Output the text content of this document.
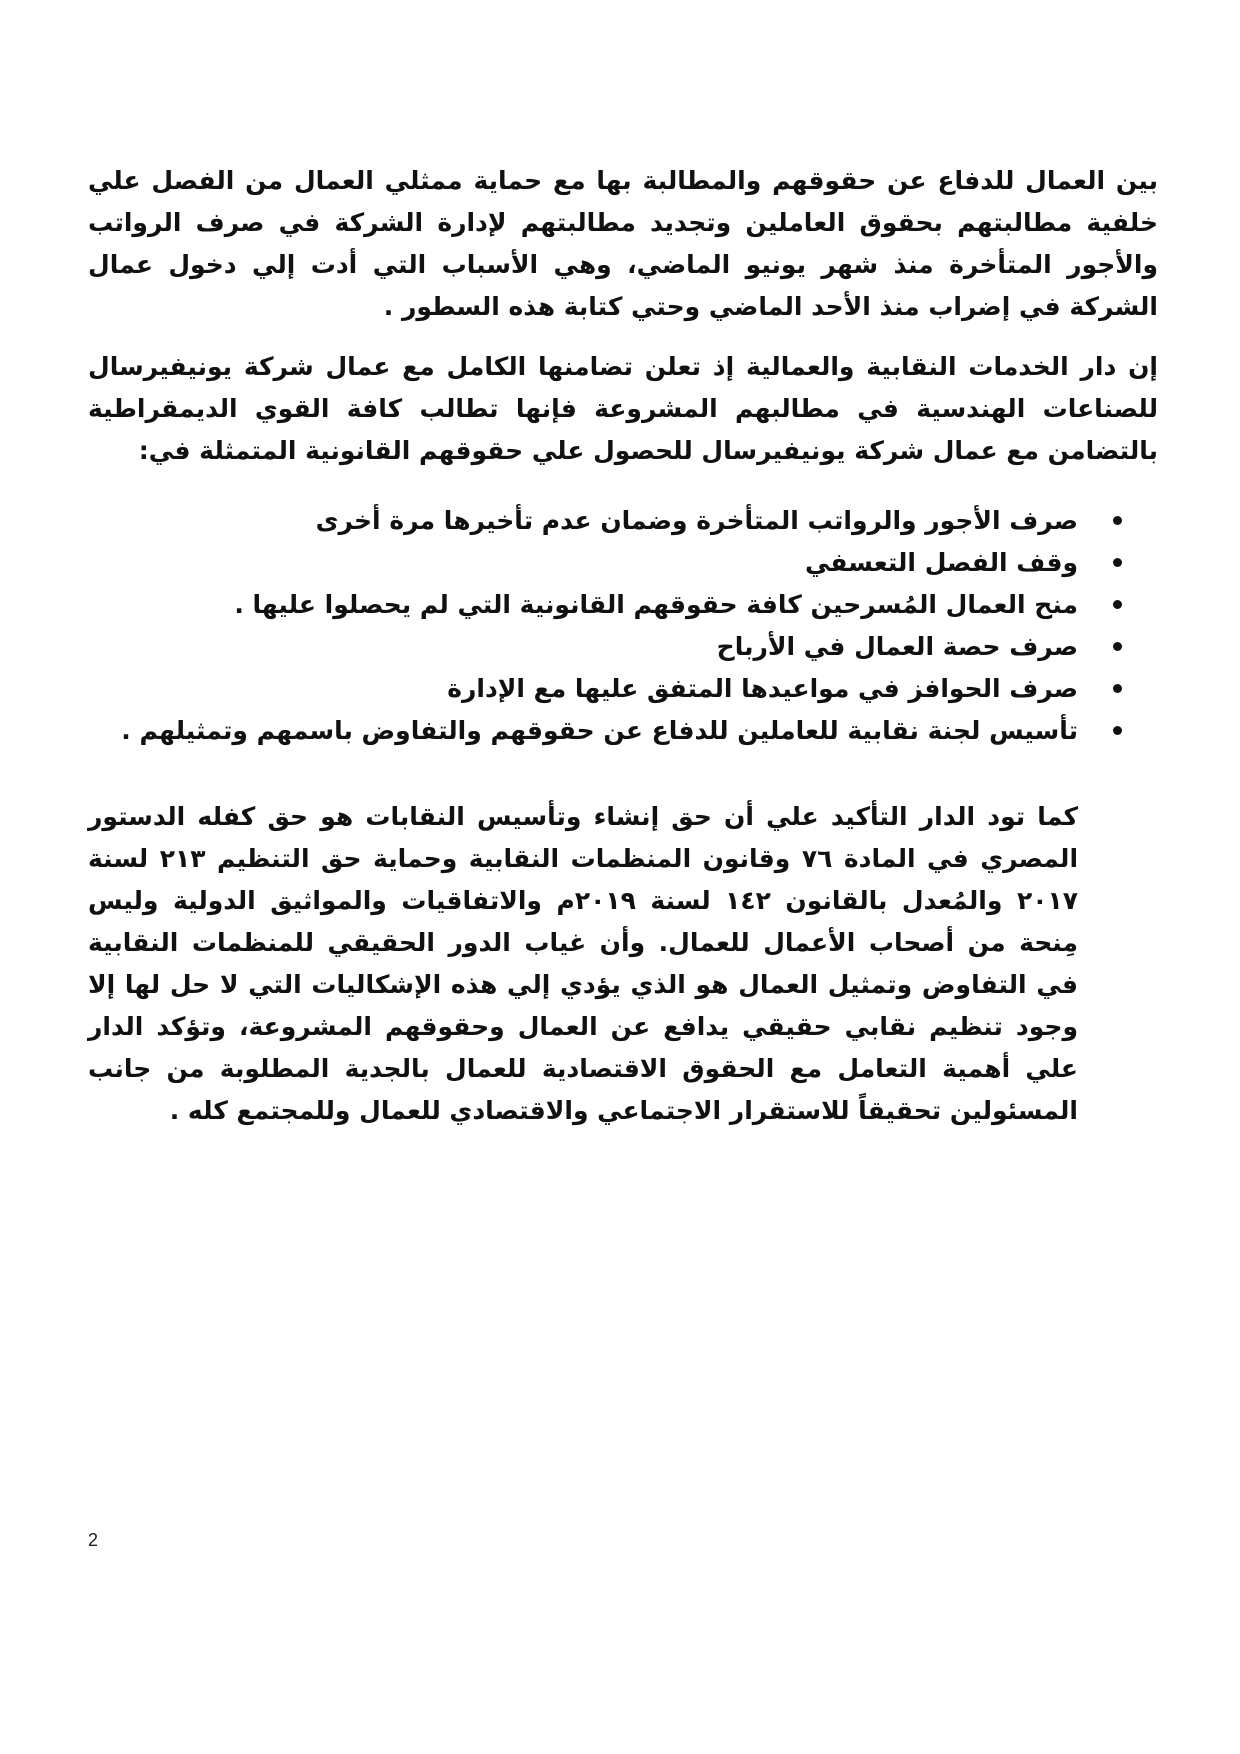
بين العمال للدفاع عن حقوقهم والمطالبة بها مع حماية ممثلي العمال من الفصل علي خلفية مطالبتهم بحقوق العاملين وتجديد مطالبتهم لإدارة الشركة في صرف الرواتب والأجور المتأخرة منذ شهر يونيو الماضي، وهي الأسباب التي أدت إلي دخول عمال الشركة في إضراب منذ الأحد الماضي وحتي كتابة هذه السطور .

إن دار الخدمات النقابية والعمالية إذ تعلن تضامنها الكامل مع عمال شركة يونيفيرسال للصناعات الهندسية في مطالبهم المشروعة فإنها تطالب كافة القوي الديمقراطية بالتضامن مع عمال شركة يونيفيرسال للحصول علي حقوقهم القانونية المتمثلة في:

صرف الأجور والرواتب المتأخرة وضمان عدم تأخيرها مرة أخرى
وقف الفصل التعسفي
منح العمال المُسرحين كافة حقوقهم القانونية التي لم يحصلوا عليها .
صرف حصة العمال في الأرباح
صرف الحوافز في مواعيدها المتفق عليها مع الإدارة
تأسيس لجنة نقابية للعاملين للدفاع عن حقوقهم والتفاوض باسمهم وتمثيلهم .

كما تود الدار التأكيد علي أن حق إنشاء وتأسيس النقابات هو حق كفله الدستور المصري في المادة ٧٦ وقانون المنظمات النقابية وحماية حق التنظيم ٢١٣ لسنة ٢٠١٧ والمُعدل بالقانون ١٤٢ لسنة ٢٠١٩م والاتفاقيات والمواثيق الدولية وليس مِنحة من أصحاب الأعمال للعمال. وأن غياب الدور الحقيقي للمنظمات النقابية في التفاوض وتمثيل العمال هو الذي يؤدي إلي هذه الإشكاليات التي لا حل لها إلا وجود تنظيم نقابي حقيقي يدافع عن العمال وحقوقهم المشروعة، وتؤكد الدار علي أهمية التعامل مع الحقوق الاقتصادية للعمال بالجدية المطلوبة من جانب المسئولين تحقيقاً للاستقرار الاجتماعي والاقتصادي للعمال وللمجتمع كله .

2
